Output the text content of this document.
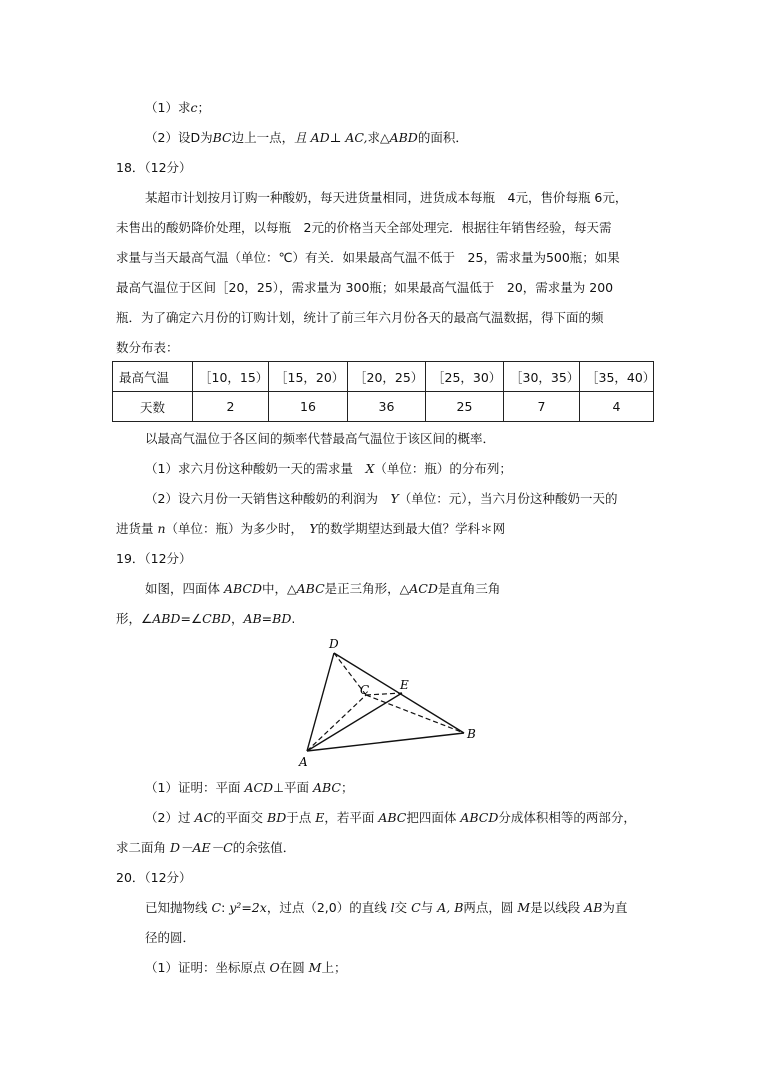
（1）求c；
（2）设D为BC边上一点，且 AD⊥ AC,求△ABD的面积．
18．（12分）
某超市计划按月订购一种酸奶，每天进货量相同，进货成本每瓶　4元，售价每瓶 6元，
未售出的酸奶降价处理，以每瓶　2元的价格当天全部处理完．根据往年销售经验，每天需
求量与当天最高气温（单位：℃）有关．如果最高气温不低于　25，需求量为500瓶；如果
最高气温位于区间［20，25），需求量为 300瓶；如果最高气温低于　20，需求量为 200
瓶．为了确定六月份的订购计划，统计了前三年六月份各天的最高气温数据，得下面的频
数分布表：
最高气温	［10，15）	［15，20）	［20，25）	［25，30）	［30，35）	［35，40）
天数	2	16	36	25	7	4
以最高气温位于各区间的频率代替最高气温位于该区间的概率．
（1）求六月份这种酸奶一天的需求量　X（单位：瓶）的分布列；
（2）设六月份一天销售这种酸奶的利润为　Y（单位：元），当六月份这种酸奶一天的
进货量 n（单位：瓶）为多少时，　Y的数学期望达到最大值？学科＊网
19．（12分）
如图，四面体 ABCD中，△ABC是正三角形，△ACD是直角三角
形，∠ABD=∠CBD，AB=BD.
D
E
C
B
A
（1）证明：平面 ACD⊥平面 ABC；
（2）过 AC的平面交 BD于点 E，若平面 ABC把四面体 ABCD分成体积相等的两部分，
求二面角 D－AE－C的余弦值．
20．（12分）
已知抛物线 C: y²=2x，过点（2,0）的直线 l交 C与 A, B两点，圆 M是以线段 AB为直
径的圆．
（1）证明：坐标原点 O在圆 M上；
